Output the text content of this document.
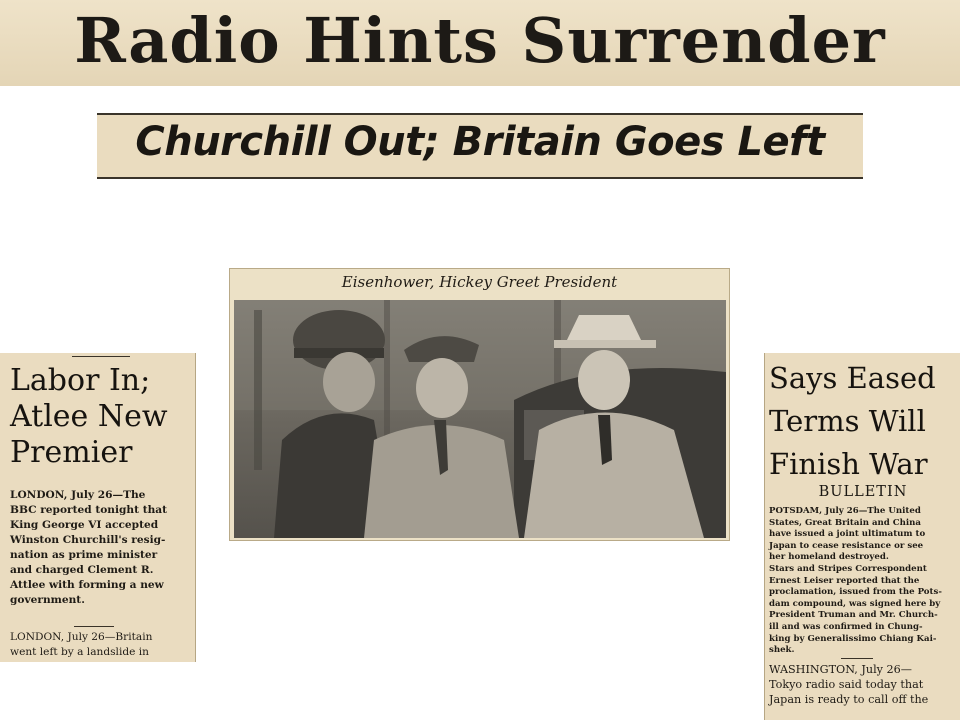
Radio Hints Surrender
Churchill Out; Britain Goes Left
Eisenhower, Hickey Greet President
Labor In;
Atlee New
Premier
LONDON, July 26—The
BBC reported tonight that
King George VI accepted
Winston Churchill's resig-
nation as prime minister
and charged Clement R.
Attlee with forming a new
government.
LONDON, July 26—Britain
went left by a landslide in
Says Eased
Terms Will
Finish War
BULLETIN
POTSDAM, July 26—The United
States, Great Britain and China
have issued a joint ultimatum to
Japan to cease resistance or see
her homeland destroyed.
Stars and Stripes Correspondent
Ernest Leiser reported that the
proclamation, issued from the Pots-
dam compound, was signed here by
President Truman and Mr. Church-
ill and was confirmed in Chung-
king by Generalissimo Chiang Kai-
shek.
WASHINGTON, July 26—
Tokyo radio said today that
Japan is ready to call off the
